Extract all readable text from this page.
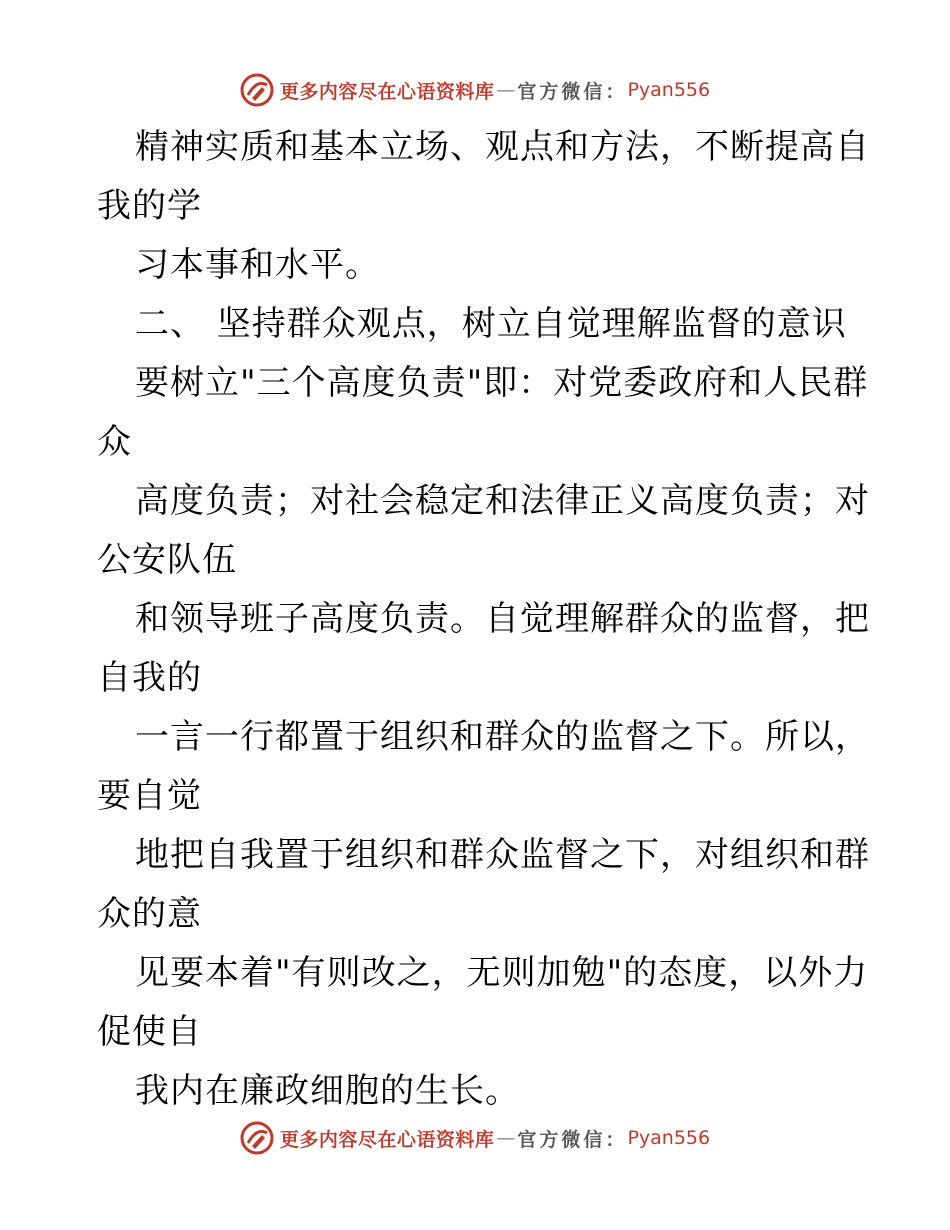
更多内容尽在心语资料库 — 官方微信： Pyan556
精神实质和基本立场、观点和方法，不断提高自
我的学
习本事和水平。
二、 坚持群众观点，树立自觉理解监督的意识
要树立"三个高度负责"即：对党委政府和人民群
众
高度负责；对社会稳定和法律正义高度负责；对
公安队伍
和领导班子高度负责。自觉理解群众的监督，把
自我的
一言一行都置于组织和群众的监督之下。所以，
要自觉
地把自我置于组织和群众监督之下，对组织和群
众的意
见要本着"有则改之，无则加勉"的态度，以外力
促使自
我内在廉政细胞的生长。
更多内容尽在心语资料库 — 官方微信： Pyan556
